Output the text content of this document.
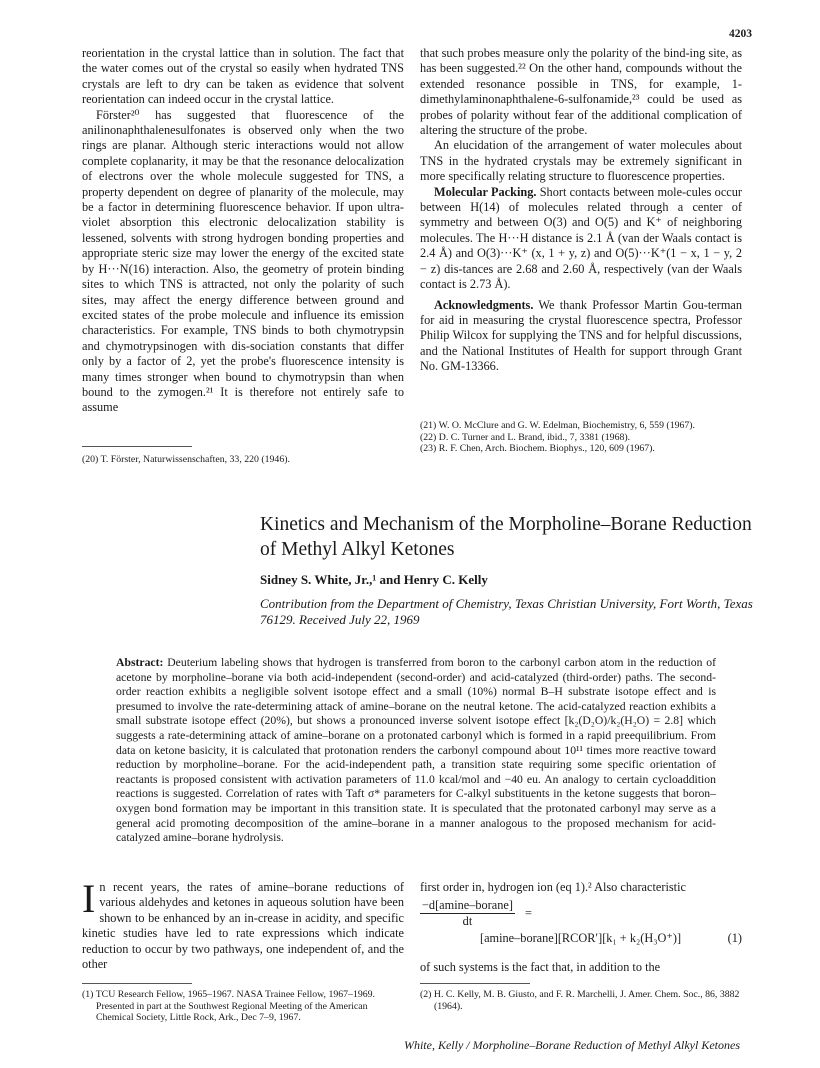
4203

reorientation in the crystal lattice than in solution. The fact that the water comes out of the crystal so easily when hydrated TNS crystals are left to dry can be taken as evidence that solvent reorientation can indeed occur in the crystal lattice.

Förster²⁰ has suggested that fluorescence of the anilinonaphthalenesulfonates is observed only when the two rings are planar. Although steric interactions would not allow complete coplanarity, it may be that the resonance delocalization of electrons over the whole molecule suggested for TNS, a property dependent on degree of planarity of the molecule, may be a factor in determining fluorescence behavior. If upon ultra-violet absorption this electronic delocalization stability is lessened, solvents with strong hydrogen bonding properties and appropriate steric size may lower the energy of the excited state by H···N(16) interaction. Also, the geometry of protein binding sites to which TNS is attracted, not only the polarity of such sites, may affect the energy difference between ground and excited states of the probe molecule and influence its emission characteristics. For example, TNS binds to both chymotrypsin and chymotrypsinogen with dis-sociation constants that differ only by a factor of 2, yet the probe's fluorescence intensity is many times stronger when bound to chymotrypsin than when bound to the zymogen.²¹ It is therefore not entirely safe to assume

(20) T. Förster, Naturwissenschaften, 33, 220 (1946).

that such probes measure only the polarity of the bind-ing site, as has been suggested.²² On the other hand, compounds without the extended resonance possible in TNS, for example, 1-dimethylaminonaphthalene-6-sulfonamide,²³ could be used as probes of polarity without fear of the additional complication of altering the structure of the probe.

An elucidation of the arrangement of water molecules about TNS in the hydrated crystals may be extremely significant in more specifically relating structure to fluorescence properties.

Molecular Packing. Short contacts between mole-cules occur between H(14) of molecules related through a center of symmetry and between O(3) and O(5) and K⁺ of neighboring molecules. The H···H distance is 2.1 Å (van der Waals contact is 2.4 Å) and O(3)···K⁺ (x, 1 + y, z) and O(5)···K⁺(1 − x, 1 − y, 2 − z) dis-tances are 2.68 and 2.60 Å, respectively (van der Waals contact is 2.73 Å).

Acknowledgments. We thank Professor Martin Gou-terman for aid in measuring the crystal fluorescence spectra, Professor Philip Wilcox for supplying the TNS and for helpful discussions, and the National Institutes of Health for support through Grant No. GM-13366.

(21) W. O. McClure and G. W. Edelman, Biochemistry, 6, 559 (1967).

(22) D. C. Turner and L. Brand, ibid., 7, 3381 (1968).

(23) R. F. Chen, Arch. Biochem. Biophys., 120, 609 (1967).

Kinetics and Mechanism of the Morpholine–Borane Reduction of Methyl Alkyl Ketones
Sidney S. White, Jr.,¹ and Henry C. Kelly
Contribution from the Department of Chemistry, Texas Christian University, Fort Worth, Texas 76129. Received July 22, 1969
Abstract: Deuterium labeling shows that hydrogen is transferred from boron to the carbonyl carbon atom in the reduction of acetone by morpholine–borane via both acid-independent (second-order) and acid-catalyzed (third-order) paths. The second-order reaction exhibits a negligible solvent isotope effect and a small (10%) normal B–H substrate isotope effect and is presumed to involve the rate-determining attack of amine–borane on the neutral ketone. The acid-catalyzed reaction exhibits a small substrate isotope effect (20%), but shows a pronounced inverse solvent isotope effect [k₂(D₂O)/k₂(H₂O) = 2.8] which suggests a rate-determining attack of amine–borane on a protonated carbonyl which is formed in a rapid preequilibrium. From data on ketone basicity, it is calculated that protonation renders the carbonyl compound about 10¹¹ times more reactive toward reduction by morpholine–borane. For the acid-independent path, a transition state requiring some specific orientation of reactants is proposed consistent with activation parameters of 11.0 kcal/mol and −40 eu. An analogy to certain cycloaddition reactions is suggested. Correlation of rates with Taft σ* parameters for C-alkyl substituents in the ketone suggests that boron–oxygen bond formation may be important in this transition state. It is speculated that the protonated carbonyl may serve as a general acid promoting decomposition of the amine–borane in a manner analogous to the proposed mechanism for acid-catalyzed amine–borane hydrolysis.
In recent years, the rates of amine–borane reductions of various aldehydes and ketones in aqueous solution have been shown to be enhanced by an in-crease in acidity, and specific kinetic studies have led to rate expressions which indicate reduction to occur by two pathways, one independent of, and the other

(1) TCU Research Fellow, 1965–1967. NASA Trainee Fellow, 1967–1969. Presented in part at the Southwest Regional Meeting of the American Chemical Society, Little Rock, Ark., Dec 7–9, 1967.

first order in, hydrogen ion (eq 1).² Also characteristic

−d[amine–borane]
dt
=
[amine–borane][RCOR′][k₁ + k₂(H₃O⁺)]	(1)

of such systems is the fact that, in addition to the

(2) H. C. Kelly, M. B. Giusto, and F. R. Marchelli, J. Amer. Chem. Soc., 86, 3882 (1964).

White, Kelly / Morpholine–Borane Reduction of Methyl Alkyl Ketones
